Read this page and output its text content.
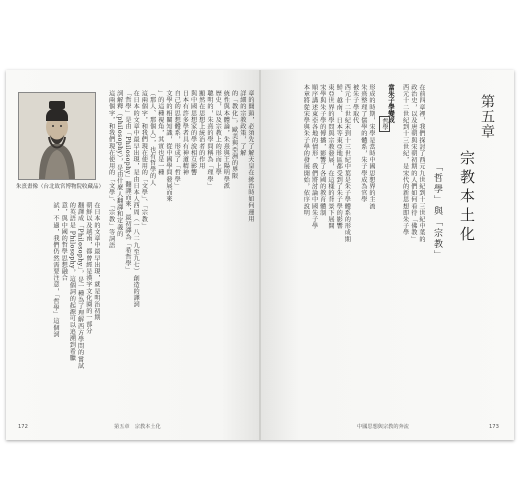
朱熹畫像（台北故宮博物院收藏品）	章的開頭，必須先了解天皇在統治時如何運用
詳細的宗教政策，了解
的「教化」，歐美與亞洲的界限
統性與本體論，朱熹與王陽明學派
歷史，以及宗教上的形而上學
聰明的，朱熹的學問稱為「理學」
顯然在思想上統治者的作用
與中國思想家的學說相互影響
日本有許多學者具有神道精神
自己的思想體系，形成了「哲學」
文學的相關知識，從中國學問發展而來
」的這種視角，其實也是一種
（那人、那個人），也有哲學的人
這兩個字，和我們現在使用的「文學」、「宗教」
在日本的文章中最早出現，是由日本人西周（一八二九至九七）創造的譯詞
「哲學」是由「Philosophy」翻譯而來，最初譯為「希哲學」
詞解釋（philosophy），是由什麼人翻譯和定義的
這兩個字，和我們現在使用的「文學」、「宗教」等詞語
在日本的文章中最早出現，就是明治初期
朝鮮以及越南，都曾經是漢字文化圈的一部分
翻譯成「Philosophy」，是一種為了理解西方學問的嘗試
的英語是 Philosophy，這個詞的起源可以追溯到希臘
意，與中國的哲學思想融合
試，不過，我們仍然需要注意，「哲學」這個詞
172	第五章　宗教本土化
第五章
宗教本土化
「哲學」與「宗教」
在前四章裡，我們探討了西元九世紀到十三世紀中葉的
政治史，以及唐朝與宋朝初期的人們如何看待「佛教」
西元十二世紀到十三世紀，是宋代的新思想即朱子學
當朱子學變成
哲學
形成的時期，宋學是當時中國思想界的主流
朱熹整理了儒學的體系，朱子學成為官學
被朱子學取代
西元十二世紀末到十三世紀中葉是朱子學體系的形成期
鮮、越南、日本等東亞地區都受到了朱子學的影響
東亞世界的學問與宗教發展，在這樣的背景下展開
宋學與朱子學的傳播，影響了各國的教育體制
順序講述東亞各地的情形，我們將討論中國朱子學
本章將從宋學與朱子學的發展開始，依序說明
中國思想與宗教的奔流	173
